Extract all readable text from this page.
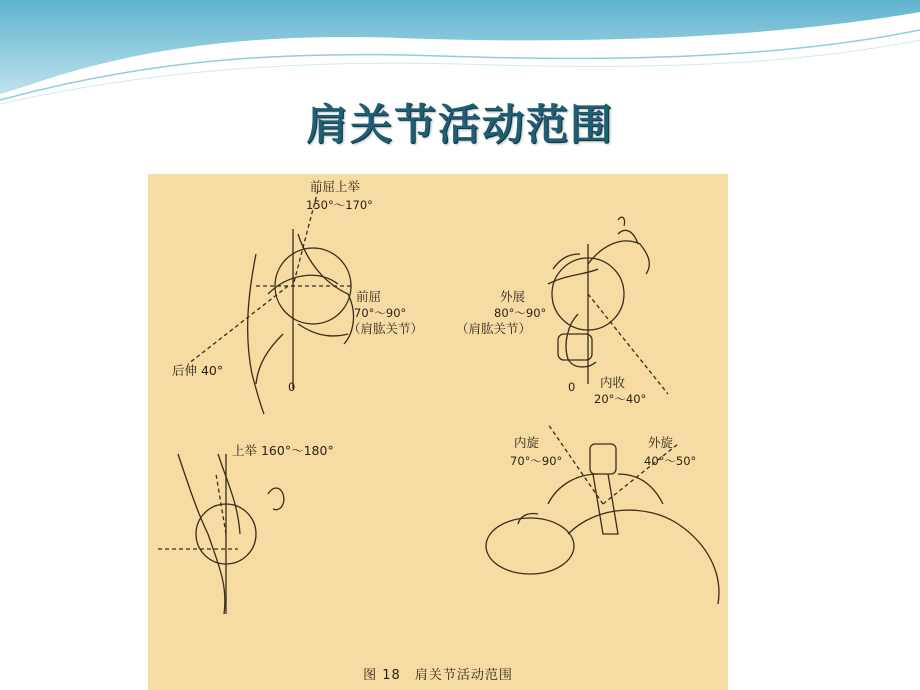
肩关节活动范围
前屈上举
150°～170°
前屈
70°～90°
（肩肱关节）
后伸 40°
0
外展
80°～90°
（肩肱关节）
内收
20°～40°
0
上举 160°～180°
内旋
70°～90°
外旋
40°～50°
图 18　肩关节活动范围
